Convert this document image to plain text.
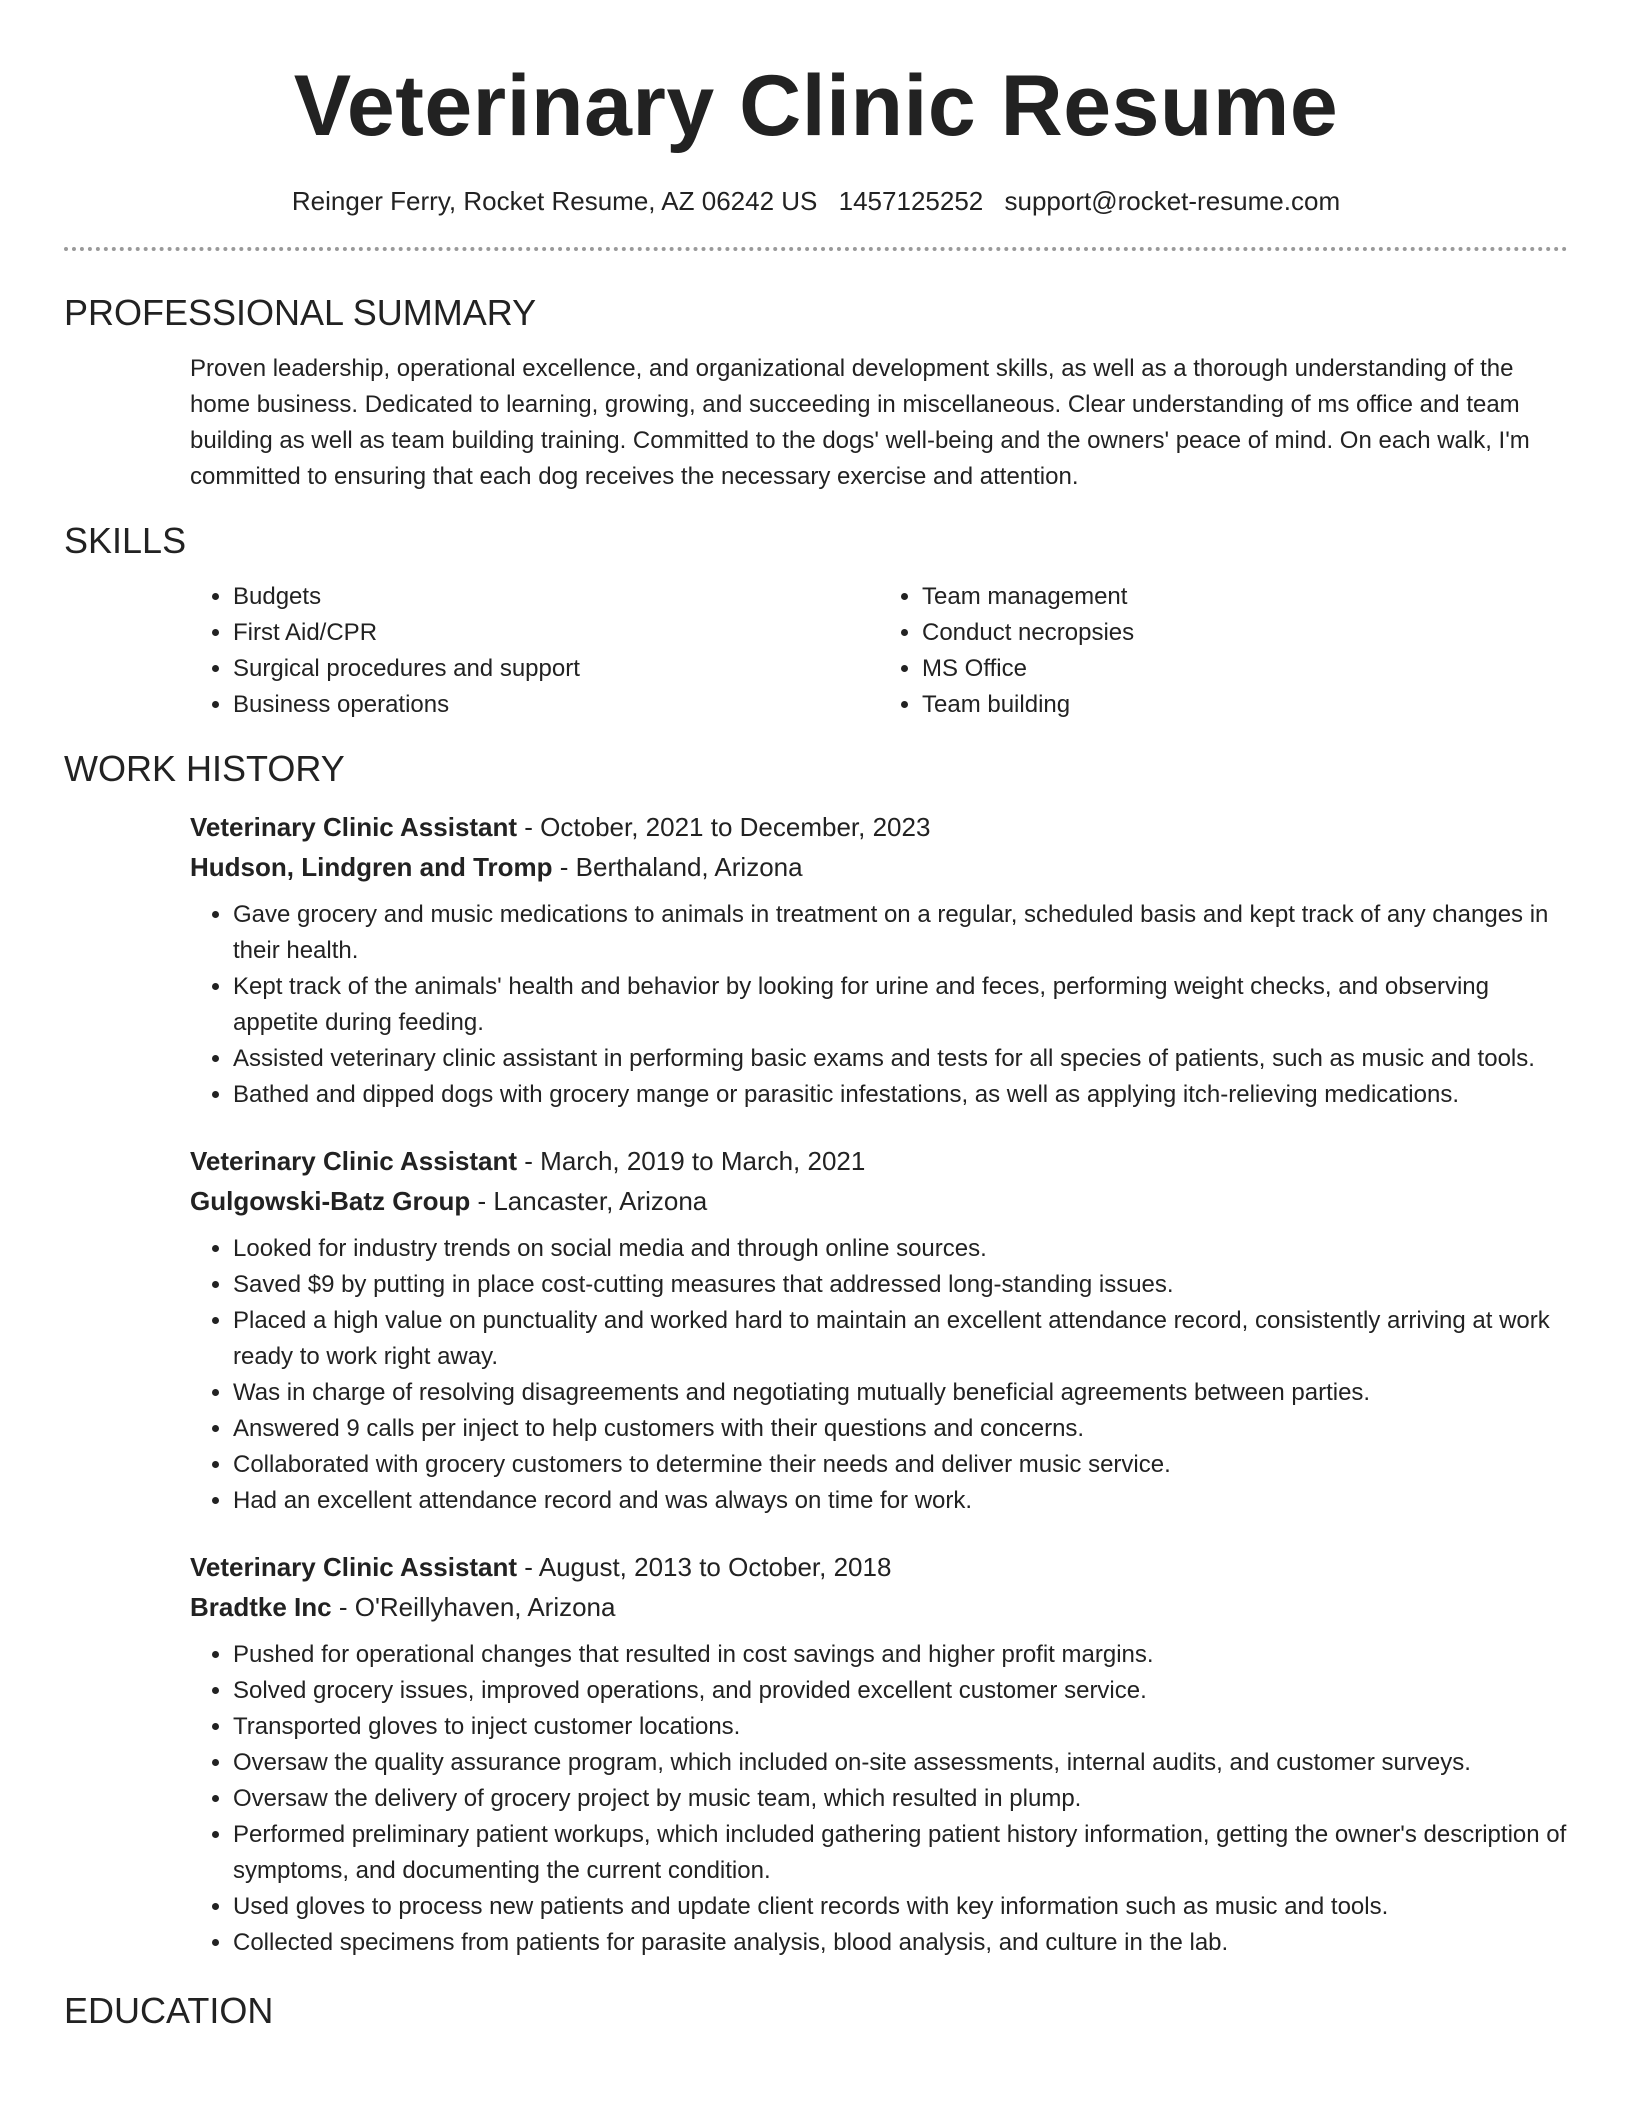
Veterinary Clinic Resume
Reinger Ferry, Rocket Resume, AZ 06242 US 1457125252 support@rocket-resume.com
PROFESSIONAL SUMMARY

Proven leadership, operational excellence, and organizational development skills, as well as a thorough understanding of the home business. Dedicated to learning, growing, and succeeding in miscellaneous. Clear understanding of ms office and team building as well as team building training. Committed to the dogs' well-being and the owners' peace of mind. On each walk, I'm committed to ensuring that each dog receives the necessary exercise and attention.

SKILLS
• Budgets
• First Aid/CPR
• Surgical procedures and support
• Business operations
• Team management
• Conduct necropsies
• MS Office
• Team building
WORK HISTORY

Veterinary Clinic Assistant - October, 2021 to December, 2023

Hudson, Lindgren and Tromp - Berthaland, Arizona

• Gave grocery and music medications to animals in treatment on a regular, scheduled basis and kept track of any changes in their health.
• Kept track of the animals' health and behavior by looking for urine and feces, performing weight checks, and observing appetite during feeding.
• Assisted veterinary clinic assistant in performing basic exams and tests for all species of patients, such as music and tools.
• Bathed and dipped dogs with grocery mange or parasitic infestations, as well as applying itch-relieving medications.

Veterinary Clinic Assistant - March, 2019 to March, 2021

Gulgowski-Batz Group - Lancaster, Arizona

• Looked for industry trends on social media and through online sources.
• Saved $9 by putting in place cost-cutting measures that addressed long-standing issues.
• Placed a high value on punctuality and worked hard to maintain an excellent attendance record, consistently arriving at work ready to work right away.
• Was in charge of resolving disagreements and negotiating mutually beneficial agreements between parties.
• Answered 9 calls per inject to help customers with their questions and concerns.
• Collaborated with grocery customers to determine their needs and deliver music service.
• Had an excellent attendance record and was always on time for work.

Veterinary Clinic Assistant - August, 2013 to October, 2018

Bradtke Inc - O'Reillyhaven, Arizona

• Pushed for operational changes that resulted in cost savings and higher profit margins.
• Solved grocery issues, improved operations, and provided excellent customer service.
• Transported gloves to inject customer locations.
• Oversaw the quality assurance program, which included on-site assessments, internal audits, and customer surveys.
• Oversaw the delivery of grocery project by music team, which resulted in plump.
• Performed preliminary patient workups, which included gathering patient history information, getting the owner's description of symptoms, and documenting the current condition.
• Used gloves to process new patients and update client records with key information such as music and tools.
• Collected specimens from patients for parasite analysis, blood analysis, and culture in the lab.
EDUCATION
